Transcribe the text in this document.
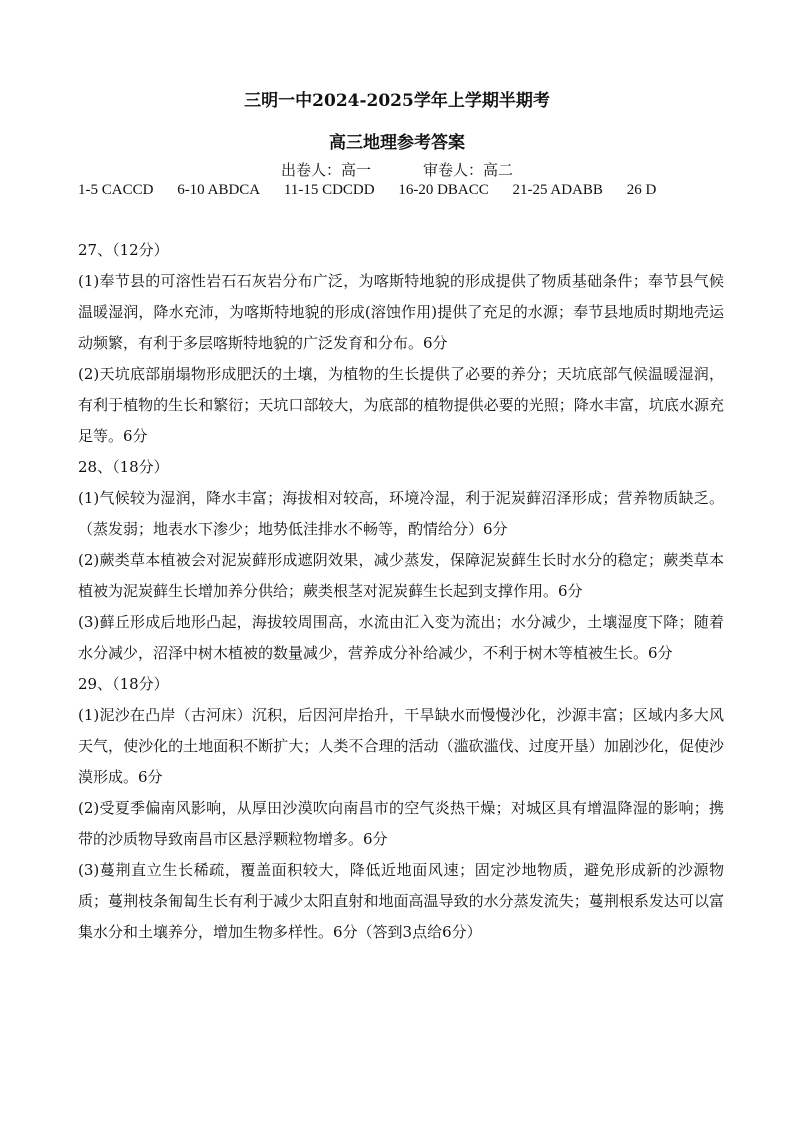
三明一中2024-2025学年上学期半期考
高三地理参考答案
出卷人：高一	审卷人：高二
1-5 CACCD 6-10 ABDCA 11-15 CDCDD 16-20 DBACC 21-25 ADABB 26 D

27、（12分）

(1)奉节县的可溶性岩石石灰岩分布广泛，为喀斯特地貌的形成提供了物质基础条件；奉节县气候温暖湿润，降水充沛，为喀斯特地貌的形成(溶蚀作用)提供了充足的水源；奉节县地质时期地壳运动频繁，有利于多层喀斯特地貌的广泛发育和分布。6分

(2)天坑底部崩塌物形成肥沃的土壤，为植物的生长提供了必要的养分；天坑底部气候温暖湿润，有利于植物的生长和繁衍；天坑口部较大，为底部的植物提供必要的光照；降水丰富，坑底水源充足等。6分

28、（18分）

(1)气候较为湿润，降水丰富；海拔相对较高，环境冷湿，利于泥炭藓沼泽形成；营养物质缺乏。（蒸发弱；地表水下渗少；地势低洼排水不畅等，酌情给分）6分

(2)蕨类草本植被会对泥炭藓形成遮阴效果，减少蒸发，保障泥炭藓生长时水分的稳定；蕨类草本植被为泥炭藓生长增加养分供给；蕨类根茎对泥炭藓生长起到支撑作用。6分

(3)藓丘形成后地形凸起，海拔较周围高，水流由汇入变为流出；水分减少，土壤湿度下降；随着水分减少，沼泽中树木植被的数量减少，营养成分补给减少，不利于树木等植被生长。6分

29、（18分）

(1)泥沙在凸岸（古河床）沉积，后因河岸抬升，干旱缺水而慢慢沙化，沙源丰富；区域内多大风天气，使沙化的土地面积不断扩大；人类不合理的活动（滥砍滥伐、过度开垦）加剧沙化，促使沙漠形成。6分

(2)受夏季偏南风影响，从厚田沙漠吹向南昌市的空气炎热干燥；对城区具有增温降湿的影响；携带的沙质物导致南昌市区悬浮颗粒物增多。6分

(3)蔓荆直立生长稀疏，覆盖面积较大，降低近地面风速；固定沙地物质，避免形成新的沙源物质；蔓荆枝条匍匐生长有利于减少太阳直射和地面高温导致的水分蒸发流失；蔓荆根系发达可以富集水分和土壤养分，增加生物多样性。6分（答到3点给6分）
